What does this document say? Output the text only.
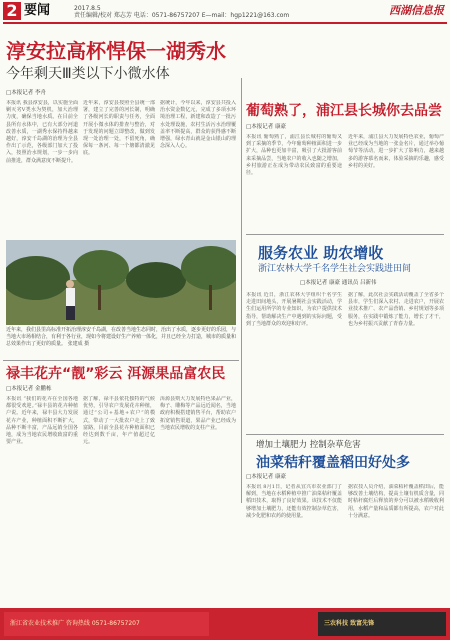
2 要闻	2017.8.5
责任编辑/校对 郑志芳 电话：0571-86757207 E—mail：hgp1221@163.com	西湖信息报
淳安拉高杯悍保一湖秀水
今年剩天Ⅲ类以下小微水体
□本报记者 李舟
本报讯 我县淳安县，以实施全面剿灭劣Ⅴ类水为契机，加大治理力度，确保当地水质。在目前全县所有水体中，已有大部分河道改善水质，一湖秀水保持得越来越好，淳安千岛湖的治理为全县作出了示范，各级部门加大了投入，按照治水规划，一步一步向前推进，群众满意度不断提升。
近年来，淳安县按照全县统一部署，建立了完善的河长制，明确了各级河长的职责与任务，全面开展小微水体的排查与整治，对于发现的问题立即整改，做到发现一处治理一处，不留死角，确保每一条河、每一个塘都清澈见底。
据统计，今年以来，淳安县共投入治水资金数亿元，完成了多项水环境治理工程，新建和改造了一批污水处理设施，农村生活污水治理覆盖率不断提高，群众的获得感不断增强，绿水青山就是金山银山的理念深入人心。
近年来，我们县里高标准开拓治理淳安千岛湖，在改善当地生态同时，治出了水质，逐步更好的乐园，与当地大市场相结合，有利于各行业，现如今将建设好生产养殖一体化，并且已经全力打造，城市的质量和总效果作出了更好的质量。 张建成 摄
葡萄熟了，浦江县长城你去品尝
□本报记者 康豪
本报讯 葡萄熟了，浦江县长城村的葡萄又到了采摘的季节，今年葡萄种植面积进一步扩大，品种也更加丰富，吸引了大批游客前来采摘品尝，当地农户的收入也随之增加，乡村旅游正在成为带动农民致富的重要途径。
近年来，浦江县大力发展特色农业，葡萄产业已经成为当地的一张金名片，通过举办葡萄节等活动，进一步扩大了影响力，越来越多的游客慕名而来，体验采摘的乐趣，感受乡村的美好。
服务农业 助农增收
浙江农林大学千名学生社会实践进田间
□本报记者 康豪 通讯员 吕新伟
本报讯 近日，浙江农林大学组织千名学生走进田间地头，开展暑期社会实践活动，学生们运用所学的专业知识，为农户提供技术指导，帮助解决生产中遇到的实际问题，受到了当地群众的欢迎和好评。
据了解，此次社会实践活动覆盖了全省多个县市，学生们深入农村、走进农户，开展农业技术推广、农产品营销、乡村规划等多项服务，在实践中锻炼了能力，增长了才干，也为乡村振兴贡献了青春力量。
禄丰花卉“靓”彩云 洱源果品富农民
□本报记者 金鹏栋
本报讯 “我们的花卉在全国各地都很受欢迎。”禄丰县的花卉种植户说。近年来，禄丰县大力发展花卉产业，种植面积不断扩大，品种不断丰富，产品远销全国各地，成为当地农民增收致富的重要产业。
据了解，禄丰县依托独特的气候优势，引导农户发展花卉种植，通过“公司+基地+农户”的模式，带动了一大批农户走上了致富路，目前全县花卉种植面积已经达到数千亩，年产值超过亿元。
洱源县则大力发展特色果品产业，梅子、雕梅等产品远近闻名，当地政府积极搭建销售平台，帮助农户拓宽销售渠道，果品产业已经成为当地农民增收的支柱产业。
增加土壤肥力 控制杂草危害
油菜秸秆覆盖稻田好处多
□本报记者 康豪
本报讯 8月1日，记者从宜兴市农业部门了解到，当地在水稻种植中推广油菜秸秆覆盖稻田技术，取得了良好效果。该技术不仅能够增加土壤肥力，还能有效控制杂草危害，减少化肥和农药的使用量。
据农技人员介绍，油菜秸秆覆盖稻田后，能够改善土壤结构，提高土壤有机质含量，同时秸秆腐烂后释放的养分可以被水稻吸收利用，水稻产量和品质都有所提高，农户对此十分满意。
浙江省农业技术推广 咨询热线 0571-86757207	三农科技 致富先锋
